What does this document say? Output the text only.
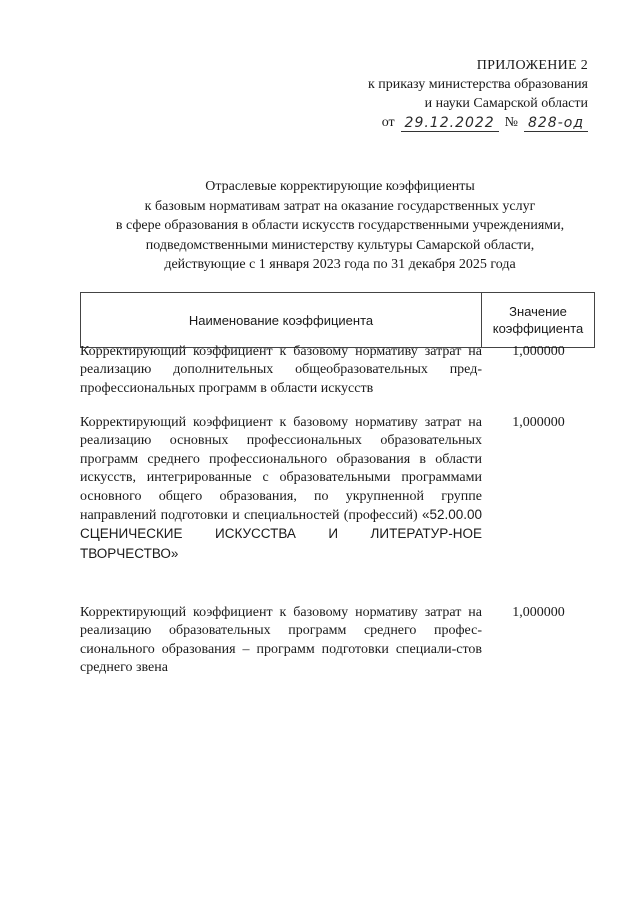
ПРИЛОЖЕНИЕ 2
к приказу министерства образования
и науки Самарской области
от 29.12.2022 № 828-од
Отраслевые корректирующие коэффициенты
к базовым нормативам затрат на оказание государственных услуг
в сфере образования в области искусств государственными учреждениями,
подведомственными министерству культуры Самарской области,
действующие с 1 января 2023 года по 31 декабря 2025 года
Наименование коэффициента
Значение
коэффициента
Корректирующий коэффициент к базовому нормативу затрат на реализацию дополнительных общеобразовательных пред-профессиональных программ в области искусств
1,000000
Корректирующий коэффициент к базовому нормативу затрат на реализацию основных профессиональных образовательных программ среднего профессионального образования в области искусств, интегрированные с образовательными программами основного общего образования, по укрупненной группе направлений подготовки и специальностей (профессий) «52.00.00 СЦЕНИЧЕСКИЕ ИСКУССТВА И ЛИТЕРАТУР-НОЕ ТВОРЧЕСТВО»
1,000000
Корректирующий коэффициент к базовому нормативу затрат на реализацию образовательных программ среднего профес-сионального образования – программ подготовки специали-стов среднего звена
1,000000
